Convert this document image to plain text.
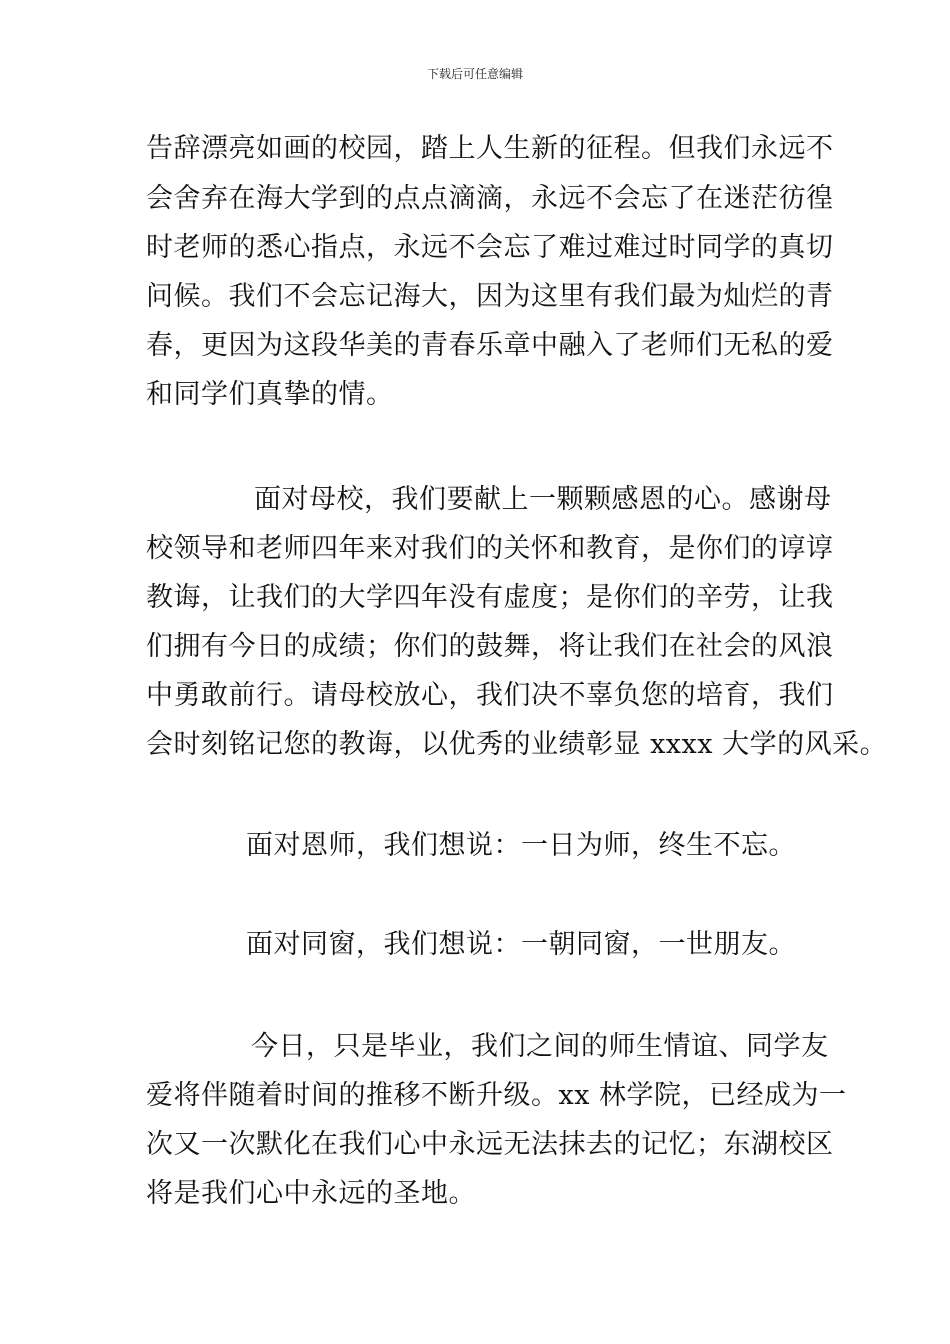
下载后可任意编辑
告辞漂亮如画的校园，踏上人生新的征程。但我们永远不
会舍弃在海大学到的点点滴滴，永远不会忘了在迷茫彷徨
时老师的悉心指点，永远不会忘了难过难过时同学的真切
问候。我们不会忘记海大，因为这里有我们最为灿烂的青
春，更因为这段华美的青春乐章中融入了老师们无私的爱
和同学们真挚的情。
面对母校，我们要献上一颗颗感恩的心。感谢母
校领导和老师四年来对我们的关怀和教育，是你们的谆谆
教诲，让我们的大学四年没有虚度；是你们的辛劳，让我
们拥有今日的成绩；你们的鼓舞，将让我们在社会的风浪
中勇敢前行。请母校放心，我们决不辜负您的培育，我们
会时刻铭记您的教诲，以优秀的业绩彰显 xxxx 大学的风采。
面对恩师，我们想说：一日为师，终生不忘。
面对同窗，我们想说：一朝同窗，一世朋友。
今日，只是毕业，我们之间的师生情谊、同学友
爱将伴随着时间的推移不断升级。xx 林学院，已经成为一
次又一次默化在我们心中永远无法抹去的记忆；东湖校区
将是我们心中永远的圣地。
